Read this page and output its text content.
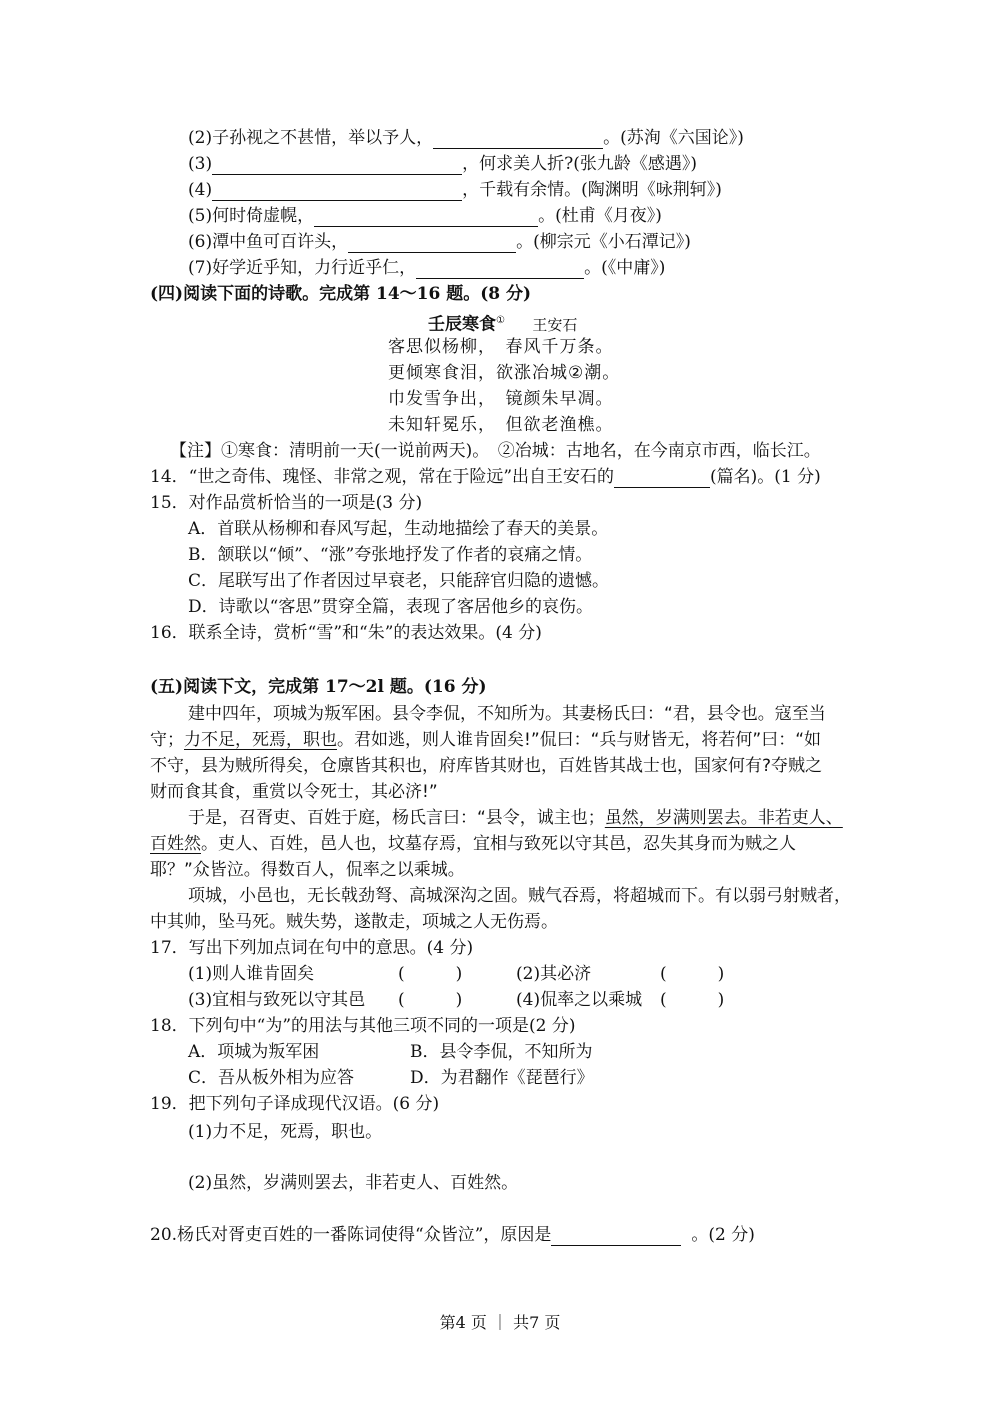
(2)子孙视之不甚惜，举以予人，	。(苏洵《六国论》)
(3)	，何求美人折?(张九龄《感遇》)
(4)	，千载有余情。(陶渊明《咏荆轲》)
(5)何时倚虚幌，	。(杜甫《月夜》)
(6)潭中鱼可百许头，	。(柳宗元《小石潭记》)
(7)好学近乎知，力行近乎仁，	。(《中庸》)
(四)阅读下面的诗歌。完成第 14～16 题。(8 分)
壬辰寒食① 王安石
客思似杨柳，　春风千万条。
更倾寒食泪，欲涨冶城②潮。
巾发雪争出，　镜颜朱早凋。
未知轩冕乐，　但欲老渔樵。
【注】①寒食：清明前一天(一说前两天)。　②冶城：古地名，在今南京市西，临长江。
14．“世之奇伟、瑰怪、非常之观，常在于险远”出自王安石的	(篇名)。(1 分)
15．对作品赏析恰当的一项是(3 分)
A．首联从杨柳和春风写起，生动地描绘了春天的美景。
B．颔联以“倾”、“涨”夸张地抒发了作者的哀痛之情。
C．尾联写出了作者因过早衰老，只能辞官归隐的遗憾。
D．诗歌以“客思”贯穿全篇，表现了客居他乡的哀伤。
16．联系全诗，赏析“雪”和“朱”的表达效果。(4 分)
(五)阅读下文，完成第 17～2l 题。(16 分)
建中四年，项城为叛军困。县令李侃，不知所为。其妻杨氏曰：“君，县令也。寇至当
守；力不足，死焉，职也。君如逃，则人谁肯固矣!”侃曰：“兵与财皆无，将若何”曰：“如
不守，县为贼所得矣，仓廪皆其积也，府库皆其财也，百姓皆其战士也，国家何有?夺贼之
财而食其食，重赏以令死士，其必济!”
于是，召胥吏、百姓于庭，杨氏言曰：“县令，诚主也；虽然，岁满则罢去。非若吏人、
百姓然。吏人、百姓，邑人也，坟墓存焉，宜相与致死以守其邑，忍失其身而为贼之人
耶？”众皆泣。得数百人，侃率之以乘城。
项城，小邑也，无长戟劲弩、高城深沟之固。贼气吞焉，将超城而下。有以弱弓射贼者，
中其帅，坠马死。贼失势，遂散走，项城之人无伤焉。
17．写出下列加点词在句中的意思。(4 分)
(1)则人谁肯固矣	(　　　)	(2)其必济	(　　　)
(3)宜相与致死以守其邑 (　　　)	(4)侃率之以乘城 (　　　)
18．下列句中“为”的用法与其他三项不同的一项是(2 分)
A．项城为叛军困	B．县令李侃，不知所为
C．吾从板外相为应答	D．为君翻作《琵琶行》
19．把下列句子译成现代汉语。(6 分)
(1)力不足，死焉，职也。
(2)虽然，岁满则罢去，非若吏人、百姓然。
20.杨氏对胥吏百姓的一番陈词使得“众皆泣”，原因是	。(2 分)
第4 页 ｜ 共7 页
